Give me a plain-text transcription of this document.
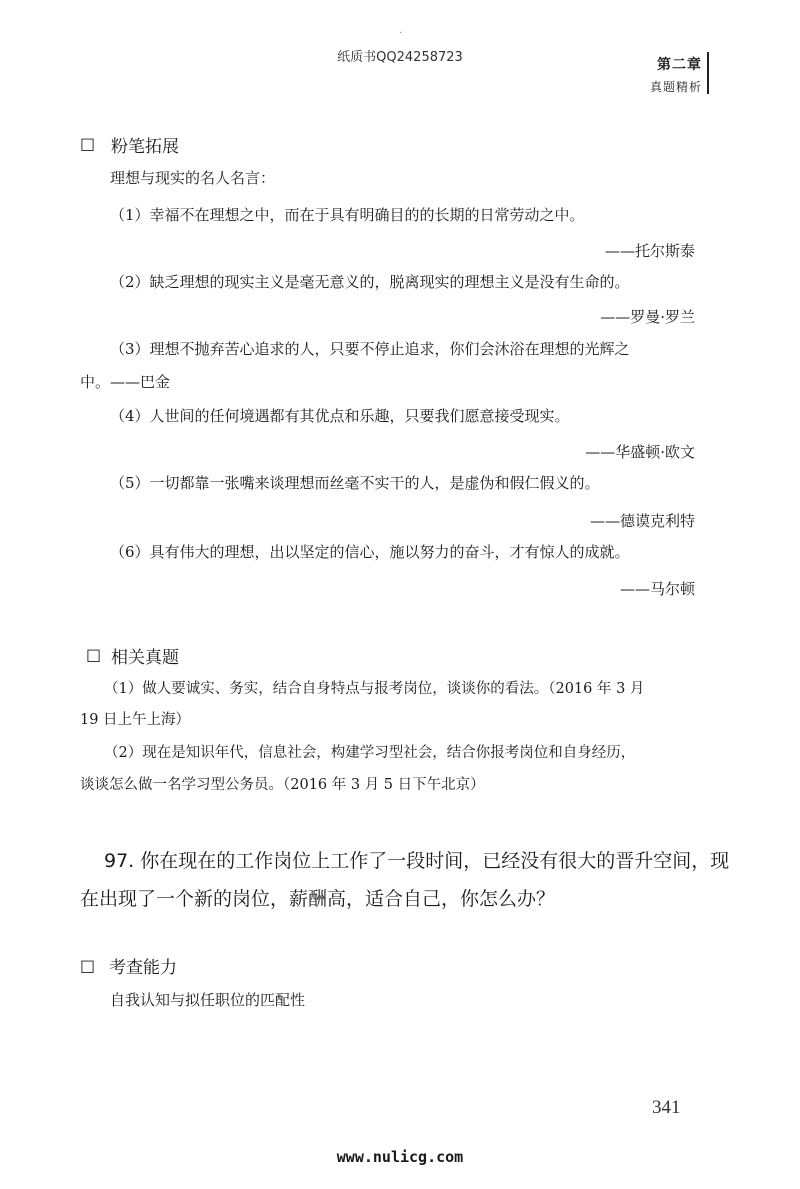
·
纸质书QQ24258723	第二章
真题精析
□ 粉笔拓展
理想与现实的名人名言：
（1）幸福不在理想之中，而在于具有明确目的的长期的日常劳动之中。
——托尔斯泰
（2）缺乏理想的现实主义是毫无意义的，脱离现实的理想主义是没有生命的。
——罗曼·罗兰
（3）理想不抛弃苦心追求的人，只要不停止追求，你们会沐浴在理想的光辉之
中。——巴金
（4）人世间的任何境遇都有其优点和乐趣，只要我们愿意接受现实。
——华盛顿·欧文
（5）一切都靠一张嘴来谈理想而丝毫不实干的人，是虚伪和假仁假义的。
——德谟克利特
（6）具有伟大的理想，出以坚定的信心，施以努力的奋斗，才有惊人的成就。
——马尔顿
□ 相关真题
（1）做人要诚实、务实，结合自身特点与报考岗位，谈谈你的看法。（2016 年 3 月
19 日上午上海）
（2）现在是知识年代，信息社会，构建学习型社会，结合你报考岗位和自身经历，
谈谈怎么做一名学习型公务员。（2016 年 3 月 5 日下午北京）
97. 你在现在的工作岗位上工作了一段时间，已经没有很大的晋升空间，现
在出现了一个新的岗位，薪酬高，适合自己，你怎么办？
□ 考查能力
自我认知与拟任职位的匹配性
341
www.nulicg.com
